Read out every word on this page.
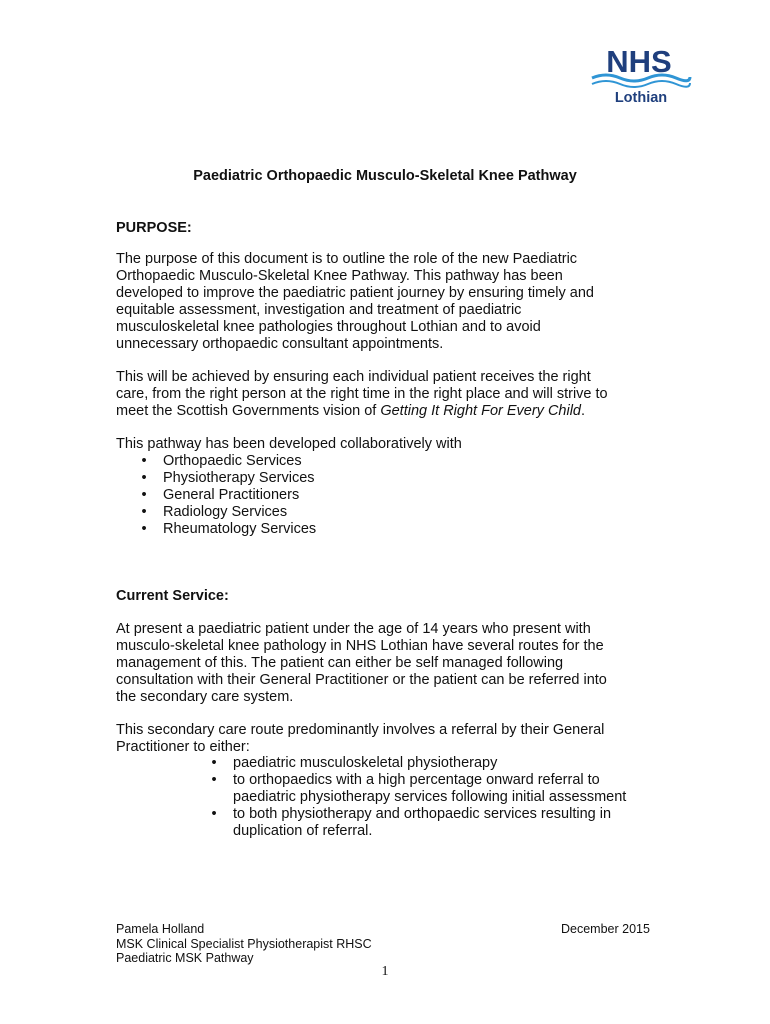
NHS
Lothian
Paediatric Orthopaedic Musculo-Skeletal Knee Pathway
PURPOSE:
The purpose of this document is to outline the role of the new Paediatric
Orthopaedic Musculo-Skeletal Knee Pathway. This pathway has been
developed to improve the paediatric patient journey by ensuring timely and
equitable assessment, investigation and treatment of paediatric
musculoskeletal knee pathologies throughout Lothian and to avoid
unnecessary orthopaedic consultant appointments.
This will be achieved by ensuring each individual patient receives the right
care, from the right person at the right time in the right place and will strive to
meet the Scottish Governments vision of Getting It Right For Every Child.
This pathway has been developed collaboratively with
• Orthopaedic Services
• Physiotherapy Services
• General Practitioners
• Radiology Services
• Rheumatology Services
Current Service:
At present a paediatric patient under the age of 14 years who present with
musculo-skeletal knee pathology in NHS Lothian have several routes for the
management of this. The patient can either be self managed following
consultation with their General Practitioner or the patient can be referred into
the secondary care system.
This secondary care route predominantly involves a referral by their General
Practitioner to either:
• paediatric musculoskeletal physiotherapy
• to orthopaedics with a high percentage onward referral to
paediatric physiotherapy services following initial assessment
• to both physiotherapy and orthopaedic services resulting in
duplication of referral.
Pamela Holland
MSK Clinical Specialist Physiotherapist RHSC
Paediatric MSK Pathway
December 2015
1
